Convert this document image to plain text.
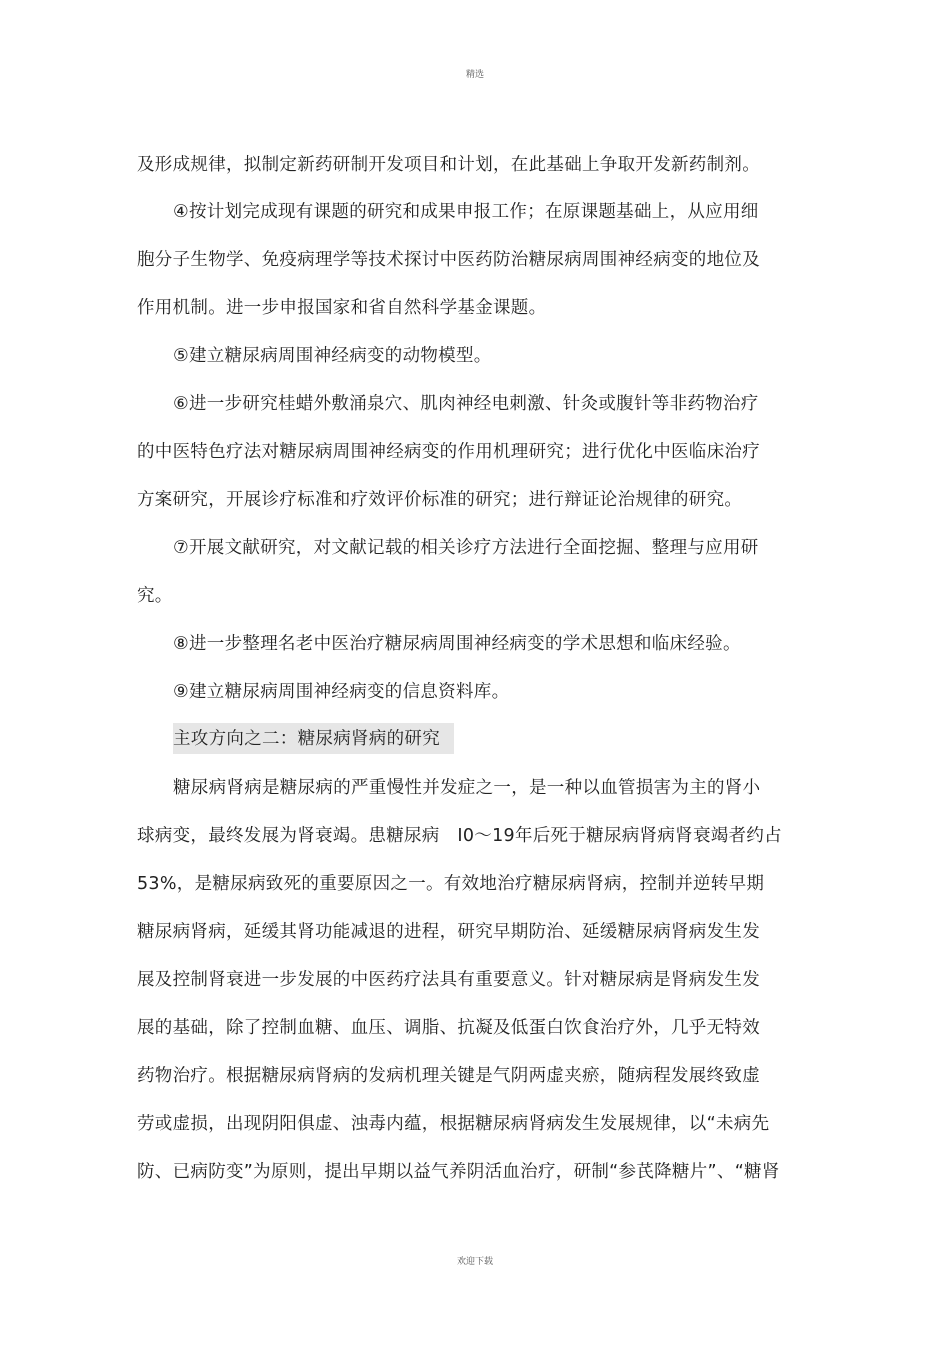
精选
及形成规律，拟制定新药研制开发项目和计划，在此基础上争取开发新药制剂。
④按计划完成现有课题的研究和成果申报工作；在原课题基础上，从应用细
胞分子生物学、免疫病理学等技术探讨中医药防治糖尿病周围神经病变的地位及
作用机制。进一步申报国家和省自然科学基金课题。
⑤建立糖尿病周围神经病变的动物模型。
⑥进一步研究桂蜡外敷涌泉穴、肌肉神经电刺激、针灸或腹针等非药物治疗
的中医特色疗法对糖尿病周围神经病变的作用机理研究；进行优化中医临床治疗
方案研究，开展诊疗标准和疗效评价标准的研究；进行辩证论治规律的研究。
⑦开展文献研究，对文献记载的相关诊疗方法进行全面挖掘、整理与应用研
究。
⑧进一步整理名老中医治疗糖尿病周围神经病变的学术思想和临床经验。
⑨建立糖尿病周围神经病变的信息资料库。
主攻方向之二：糖尿病肾病的研究
糖尿病肾病是糖尿病的严重慢性并发症之一，是一种以血管损害为主的肾小
球病变，最终发展为肾衰竭。患糖尿病　I0～19年后死于糖尿病肾病肾衰竭者约占
53%，是糖尿病致死的重要原因之一。有效地治疗糖尿病肾病，控制并逆转早期
糖尿病肾病，延缓其肾功能减退的进程，研究早期防治、延缓糖尿病肾病发生发
展及控制肾衰进一步发展的中医药疗法具有重要意义。针对糖尿病是肾病发生发
展的基础，除了控制血糖、血压、调脂、抗凝及低蛋白饮食治疗外，几乎无特效
药物治疗。根据糖尿病肾病的发病机理关键是气阴两虚夹瘀，随病程发展终致虚
劳或虚损，出现阴阳俱虚、浊毒内蕴，根据糖尿病肾病发生发展规律，以“未病先
防、已病防变”为原则，提出早期以益气养阴活血治疗，研制“参芪降糖片”、“糖肾
欢迎下载
